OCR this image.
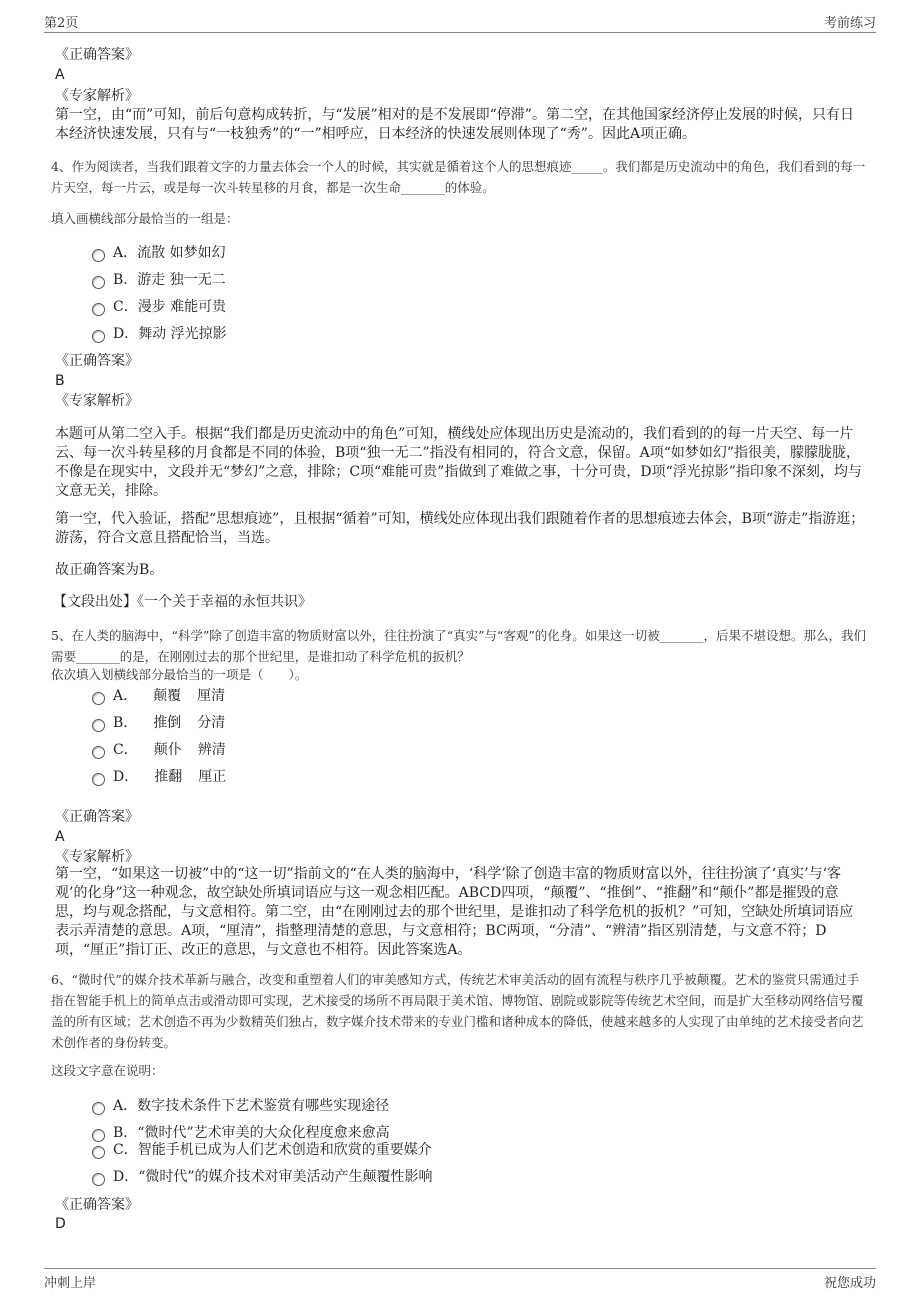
第2页	考前练习
《正确答案》
A
《专家解析》
第一空，由“而”可知，前后句意构成转折，与“发展”相对的是不发展即“停滞”。第二空，在其他国家经济停止发展的时候，只有日本经济快速发展，只有与“一枝独秀”的“一”相呼应，日本经济的快速发展则体现了“秀”。因此A项正确。
4、作为阅读者，当我们跟着文字的力量去体会一个人的时候，其实就是循着这个人的思想痕迹_____。我们都是历史流动中的角色，我们看到的每一片天空，每一片云，或是每一次斗转星移的月食，都是一次生命_______的体验。
填入画横线部分最恰当的一组是：
A． 流散 如梦如幻
B． 游走 独一无二
C． 漫步 难能可贵
D． 舞动 浮光掠影
《正确答案》
B
《专家解析》
本题可从第二空入手。根据“我们都是历史流动中的角色”可知，横线处应体现出历史是流动的，我们看到的的每一片天空、每一片云、每一次斗转星移的月食都是不同的体验，B项“独一无二”指没有相同的，符合文意，保留。A项“如梦如幻”指很美，朦朦胧胧，不像是在现实中，文段并无“梦幻”之意，排除；C项“难能可贵”指做到了难做之事，十分可贵，D项“浮光掠影”指印象不深刻，均与文意无关，排除。
第一空，代入验证，搭配“思想痕迹”，且根据“循着”可知，横线处应体现出我们跟随着作者的思想痕迹去体会，B项“游走”指游逛；游荡，符合文意且搭配恰当，当选。
故正确答案为B。
【文段出处】《一个关于幸福的永恒共识》
5、在人类的脑海中，“科学”除了创造丰富的物质财富以外，往往扮演了“真实”与“客观”的化身。如果这一切被_______，后果不堪设想。那么，我们需要_______的是，在刚刚过去的那个世纪里，是谁扣动了科学危机的扳机？
依次填入划横线部分最恰当的一项是（　　）。
A． 颠覆 厘清
B． 推倒 分清
C． 颠仆 辨清
D． 推翻 厘正
《正确答案》
A
《专家解析》
第一空，“如果这一切被”中的“这一切”指前文的“在人类的脑海中，‘科学’除了创造丰富的物质财富以外，往往扮演了‘真实’与‘客观’的化身”这一种观念，故空缺处所填词语应与这一观念相匹配。ABCD四项，“颠覆”、“推倒”、“推翻”和“颠仆”都是摧毁的意思，均与观念搭配，与文意相符。第二空，由“在刚刚过去的那个世纪里，是谁扣动了科学危机的扳机？”可知，空缺处所填词语应表示弄清楚的意思。A项，“厘清”，指整理清楚的意思，与文意相符；BC两项，“分清”、“辨清”指区别清楚，与文意不符；D项，“厘正”指订正、改正的意思，与文意也不相符。因此答案选A。
6、“微时代”的媒介技术革新与融合，改变和重塑着人们的审美感知方式，传统艺术审美活动的固有流程与秩序几乎被颠覆。艺术的鉴赏只需通过手指在智能手机上的简单点击或滑动即可实现，艺术接受的场所不再局限于美术馆、博物馆、剧院或影院等传统艺术空间，而是扩大至移动网络信号覆盖的所有区域；艺术创造不再为少数精英们独占，数字媒介技术带来的专业门槛和诸种成本的降低，使越来越多的人实现了由单纯的艺术接受者向艺术创作者的身份转变。
这段文字意在说明：
A． 数字技术条件下艺术鉴赏有哪些实现途径
B． “微时代”艺术审美的大众化程度愈来愈高
C． 智能手机已成为人们艺术创造和欣赏的重要媒介
D． “微时代”的媒介技术对审美活动产生颠覆性影响
《正确答案》
D
冲刺上岸	祝您成功
